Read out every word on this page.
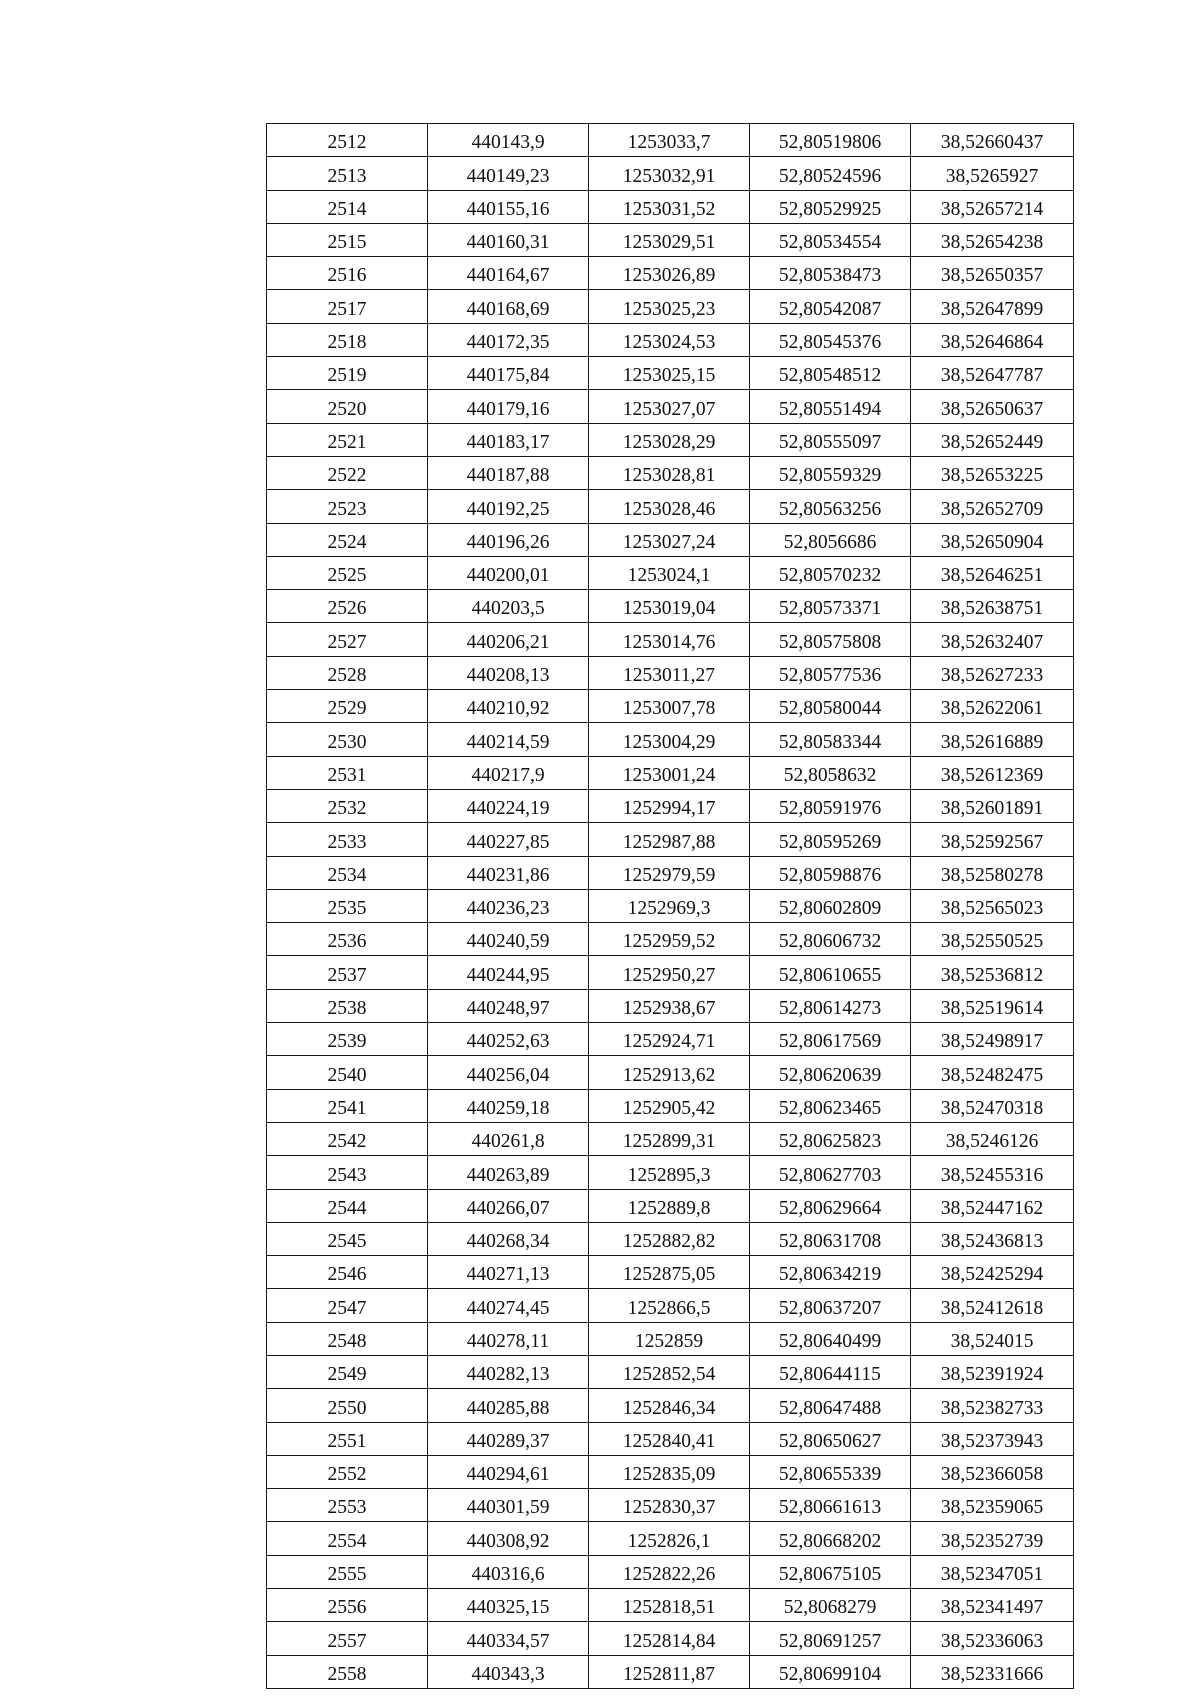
2512	440143,9	1253033,7	52,80519806	38,52660437
2513	440149,23	1253032,91	52,80524596	38,5265927
2514	440155,16	1253031,52	52,80529925	38,52657214
2515	440160,31	1253029,51	52,80534554	38,52654238
2516	440164,67	1253026,89	52,80538473	38,52650357
2517	440168,69	1253025,23	52,80542087	38,52647899
2518	440172,35	1253024,53	52,80545376	38,52646864
2519	440175,84	1253025,15	52,80548512	38,52647787
2520	440179,16	1253027,07	52,80551494	38,52650637
2521	440183,17	1253028,29	52,80555097	38,52652449
2522	440187,88	1253028,81	52,80559329	38,52653225
2523	440192,25	1253028,46	52,80563256	38,52652709
2524	440196,26	1253027,24	52,8056686	38,52650904
2525	440200,01	1253024,1	52,80570232	38,52646251
2526	440203,5	1253019,04	52,80573371	38,52638751
2527	440206,21	1253014,76	52,80575808	38,52632407
2528	440208,13	1253011,27	52,80577536	38,52627233
2529	440210,92	1253007,78	52,80580044	38,52622061
2530	440214,59	1253004,29	52,80583344	38,52616889
2531	440217,9	1253001,24	52,8058632	38,52612369
2532	440224,19	1252994,17	52,80591976	38,52601891
2533	440227,85	1252987,88	52,80595269	38,52592567
2534	440231,86	1252979,59	52,80598876	38,52580278
2535	440236,23	1252969,3	52,80602809	38,52565023
2536	440240,59	1252959,52	52,80606732	38,52550525
2537	440244,95	1252950,27	52,80610655	38,52536812
2538	440248,97	1252938,67	52,80614273	38,52519614
2539	440252,63	1252924,71	52,80617569	38,52498917
2540	440256,04	1252913,62	52,80620639	38,52482475
2541	440259,18	1252905,42	52,80623465	38,52470318
2542	440261,8	1252899,31	52,80625823	38,5246126
2543	440263,89	1252895,3	52,80627703	38,52455316
2544	440266,07	1252889,8	52,80629664	38,52447162
2545	440268,34	1252882,82	52,80631708	38,52436813
2546	440271,13	1252875,05	52,80634219	38,52425294
2547	440274,45	1252866,5	52,80637207	38,52412618
2548	440278,11	1252859	52,80640499	38,524015
2549	440282,13	1252852,54	52,80644115	38,52391924
2550	440285,88	1252846,34	52,80647488	38,52382733
2551	440289,37	1252840,41	52,80650627	38,52373943
2552	440294,61	1252835,09	52,80655339	38,52366058
2553	440301,59	1252830,37	52,80661613	38,52359065
2554	440308,92	1252826,1	52,80668202	38,52352739
2555	440316,6	1252822,26	52,80675105	38,52347051
2556	440325,15	1252818,51	52,8068279	38,52341497
2557	440334,57	1252814,84	52,80691257	38,52336063
2558	440343,3	1252811,87	52,80699104	38,52331666
